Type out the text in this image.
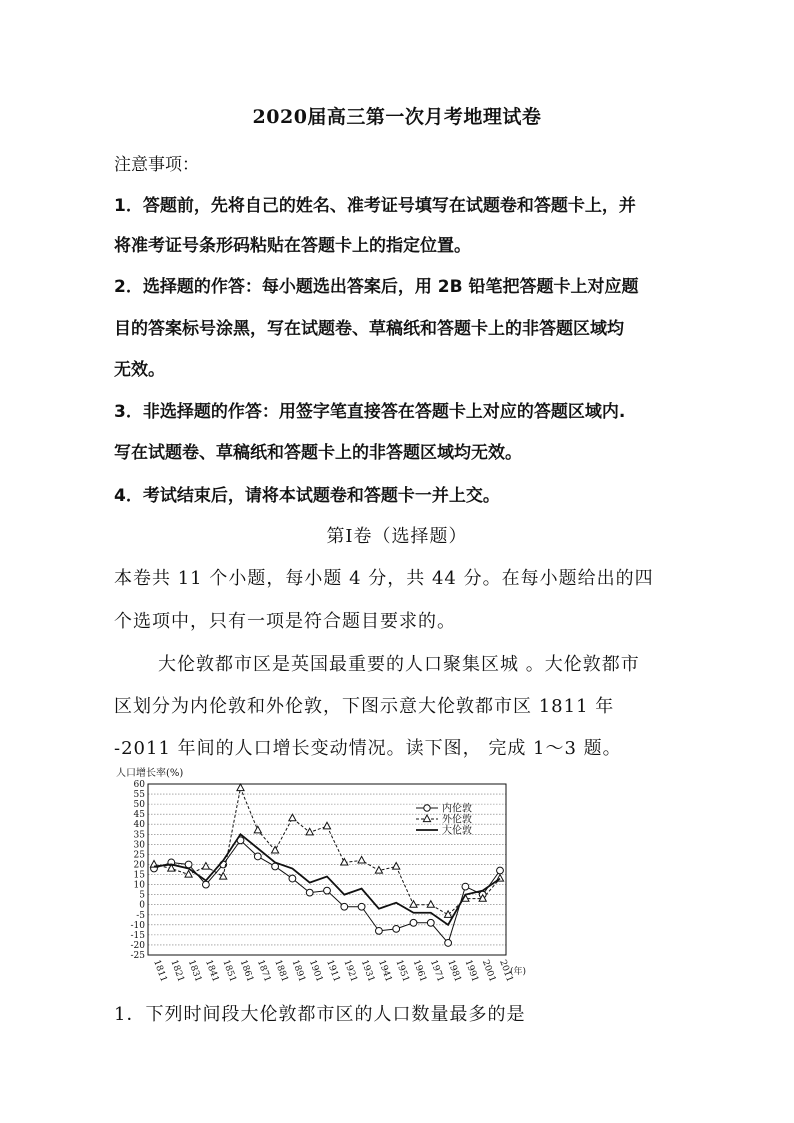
2020届高三第一次月考地理试卷
注意事项：
1．答题前，先将自己的姓名、准考证号填写在试题卷和答题卡上，并
将准考证号条形码粘贴在答题卡上的指定位置。
2．选择题的作答：每小题选出答案后，用 2B 铅笔把答题卡上对应题
目的答案标号涂黑，写在试题卷、草稿纸和答题卡上的非答题区域均
无效。
3．非选择题的作答：用签字笔直接答在答题卡上对应的答题区域内.
写在试题卷、草稿纸和答题卡上的非答题区域均无效。
4．考试结束后，请将本试题卷和答题卡一并上交。
第Ⅰ卷（选择题）
本卷共 11 个小题，每小题 4 分，共 44 分。在每小题给出的四
个选项中，只有一项是符合题目要求的。
大伦敦都市区是英国最重要的人口聚集区城 。大伦敦都市
区划分为内伦敦和外伦敦，下图示意大伦敦都市区 1811 年
-2011 年间的人口增长变动情况。读下图， 完成 1～3 题。
人口增长率(%)
60
55
50
45
40
35
30
25
20
15
10
5
0
-5
-10
-15
-20
-25
1811 1821 1831 1841 1851 1861 1871 1881 1891 1901 1911 1921 1931 1941 1951 1961 1971 1981 1991 2001 2011
(年)
内伦敦
外伦敦
大伦敦
1．下列时间段大伦敦都市区的人口数量最多的是
